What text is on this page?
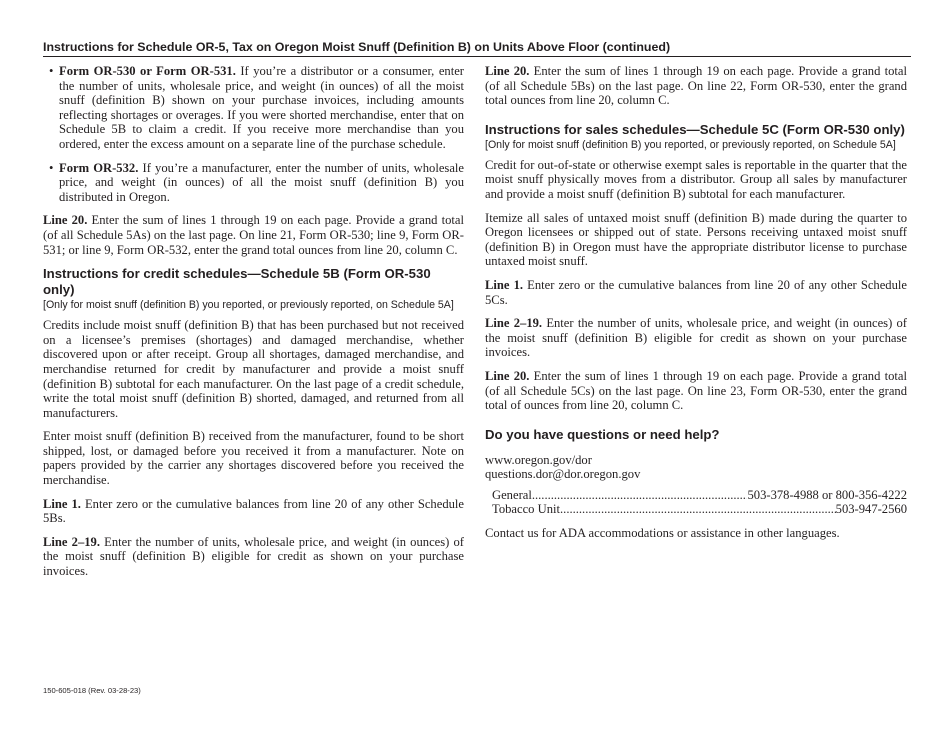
Instructions for Schedule OR-5, Tax on Oregon Moist Snuff (Definition B) on Units Above Floor (continued)
• Form OR-530 or Form OR-531. If you’re a distributor or a consumer, enter the number of units, wholesale price, and weight (in ounces) of all the moist snuff (definition B) shown on your purchase invoices, including amounts reflecting shortages or overages. If you were shorted merchandise, enter that on Schedule 5B to claim a credit. If you receive more merchandise than you ordered, enter the excess amount on a separate line of the purchase schedule.
• Form OR-532. If you’re a manufacturer, enter the number of units, wholesale price, and weight (in ounces) of all the moist snuff (definition B) you distributed in Oregon.

Line 20. Enter the sum of lines 1 through 19 on each page. Provide a grand total (of all Schedule 5As) on the last page. On line 21, Form OR-530; line 9, Form OR-531; or line 9, Form OR-532, enter the grand total ounces from line 20, column C.

Instructions for credit schedules—Schedule 5B (Form OR-530 only)
[Only for moist snuff (definition B) you reported, or previously reported, on Schedule 5A]

Credits include moist snuff (definition B) that has been purchased but not received on a licensee’s premises (shortages) and damaged merchandise, whether discovered upon or after receipt. Group all shortages, damaged merchandise, and merchandise returned for credit by manufacturer and provide a moist snuff (definition B) subtotal for each manufacturer. On the last page of a credit schedule, write the total moist snuff (definition B) shorted, damaged, and returned from all manufacturers.

Enter moist snuff (definition B) received from the manufacturer, found to be short shipped, lost, or damaged before you received it from a manufacturer. Note on papers provided by the carrier any shortages discovered before you received the merchandise.

Line 1. Enter zero or the cumulative balances from line 20 of any other Schedule 5Bs.

Line 2–19. Enter the number of units, wholesale price, and weight (in ounces) of the moist snuff (definition B) eligible for credit as shown on your purchase invoices.

Line 20. Enter the sum of lines 1 through 19 on each page. Provide a grand total (of all Schedule 5Bs) on the last page. On line 22, Form OR-530, enter the grand total ounces from line 20, column C.

Instructions for sales schedules—Schedule 5C (Form OR-530 only)
[Only for moist snuff (definition B) you reported, or previously reported, on Schedule 5A]

Credit for out-of-state or otherwise exempt sales is reportable in the quarter that the moist snuff physically moves from a distributor. Group all sales by manufacturer and provide a moist snuff (definition B) subtotal for each manufacturer.

Itemize all sales of untaxed moist snuff (definition B) made during the quarter to Oregon licensees or shipped out of state. Persons receiving untaxed moist snuff (definition B) in Oregon must have the appropriate distributor license to purchase untaxed moist snuff.

Line 1. Enter zero or the cumulative balances from line 20 of any other Schedule 5Cs.

Line 2–19. Enter the number of units, wholesale price, and weight (in ounces) of the moist snuff (definition B) eligible for credit as shown on your purchase invoices.

Line 20. Enter the sum of lines 1 through 19 on each page. Provide a grand total (of all Schedule 5Cs) on the last page. On line 23, Form OR-530, enter the grand total of ounces from line 20, column C.

Do you have questions or need help?
www.oregon.gov/dor
questions.dor@dor.oregon.gov
General .....	503-378-4988 or 800-356-4222
Tobacco Unit .....	503-947-2560

Contact us for ADA accommodations or assistance in other languages.

150-605-018 (Rev. 03-28-23)
